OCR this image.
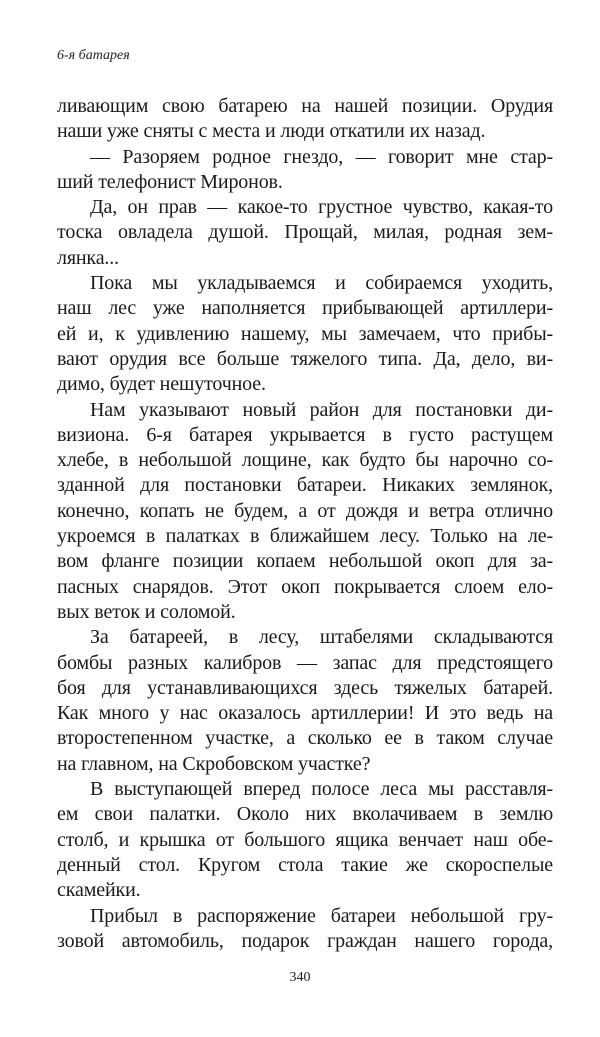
6-я батарея
ливающим свою батарею на нашей позиции. Орудия
наши уже сняты с места и люди откатили их назад.
— Разоряем родное гнездо, — говорит мне стар-
ший телефонист Миронов.
Да, он прав — какое-то грустное чувство, какая-то
тоска овладела душой. Прощай, милая, родная зем-
лянка...
Пока мы укладываемся и собираемся уходить,
наш лес уже наполняется прибывающей артиллери-
ей и, к удивлению нашему, мы замечаем, что прибы-
вают орудия все больше тяжелого типа. Да, дело, ви-
димо, будет нешуточное.
Нам указывают новый район для постановки ди-
визиона. 6-я батарея укрывается в густо растущем
хлебе, в небольшой лощине, как будто бы нарочно со-
зданной для постановки батареи. Никаких землянок,
конечно, копать не будем, а от дождя и ветра отлично
укроемся в палатках в ближайшем лесу. Только на ле-
вом фланге позиции копаем небольшой окоп для за-
пасных снарядов. Этот окоп покрывается слоем ело-
вых веток и соломой.
За батареей, в лесу, штабелями складываются
бомбы разных калибров — запас для предстоящего
боя для устанавливающихся здесь тяжелых батарей.
Как много у нас оказалось артиллерии! И это ведь на
второстепенном участке, а сколько ее в таком случае
на главном, на Скробовском участке?
В выступающей вперед полосе леса мы расставля-
ем свои палатки. Около них вколачиваем в землю
столб, и крышка от большого ящика венчает наш обе-
денный стол. Кругом стола такие же скороспелые
скамейки.
Прибыл в распоряжение батареи небольшой гру-
зовой автомобиль, подарок граждан нашего города,
340
